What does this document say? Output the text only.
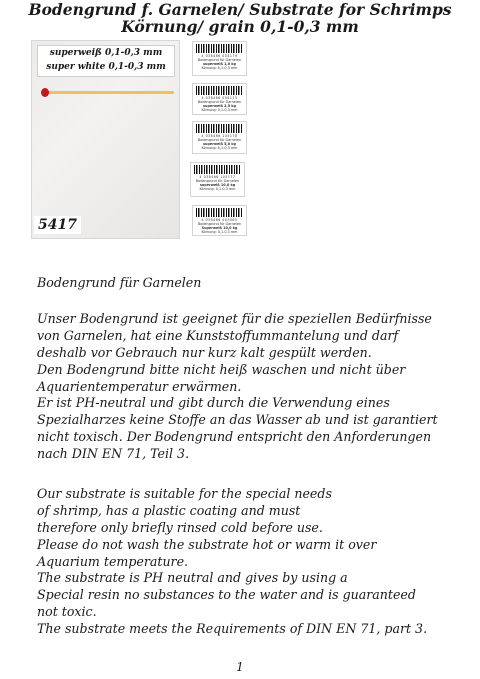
Bodengrund f. Garnelen/ Substrate for Schrimps
Körnung/ grain 0,1-0,3 mm
superweiß 0,1-0,3 mm
super white 0,1-0,3 mm
5417
4 038466 054179
Bodengrund für Garnelen
superweiß 1,0 kg
Körnung: 0,1-0,3 mm
4 038466 056173
Bodengrund für Garnelen
superweiß 2,5 kg
Körnung: 0,1-0,3 mm
4 038466 105178
Bodengrund für Garnelen
superweiß 5,0 kg
Körnung: 0,1-0,3 mm
4 038466 105177
Bodengrund für Garnelen
superweiß 10,0 kg
Körnung: 0,1-0,3 mm
4 038466 003085
Bodengrund für Garnelen
Superweiß 10,0 kg
Körnung: 0,1-0,3 mm
Bodengrund für Garnelen
Unser Bodengrund ist geeignet für die speziellen Bedürfnisse
von Garnelen, hat eine Kunststoffummantelung und darf
deshalb vor Gebrauch nur kurz kalt gespült werden.
Den Bodengrund bitte nicht heiß waschen und nicht über
Aquarientemperatur erwärmen.
Er ist PH-neutral und gibt durch die Verwendung eines
Spezialharzes keine Stoffe an das Wasser ab und ist garantiert
nicht toxisch. Der Bodengrund entspricht den Anforderungen
nach DIN EN 71, Teil 3.
Our substrate is suitable for the special needs
of shrimp, has a plastic coating and must
therefore only briefly rinsed cold before use.
Please do not wash the substrate hot or warm it over
Aquarium temperature.
The substrate is PH neutral and gives by using a
Special resin no substances to the water and is guaranteed
not toxic.
The substrate meets the Requirements of DIN EN 71, part 3.
1
